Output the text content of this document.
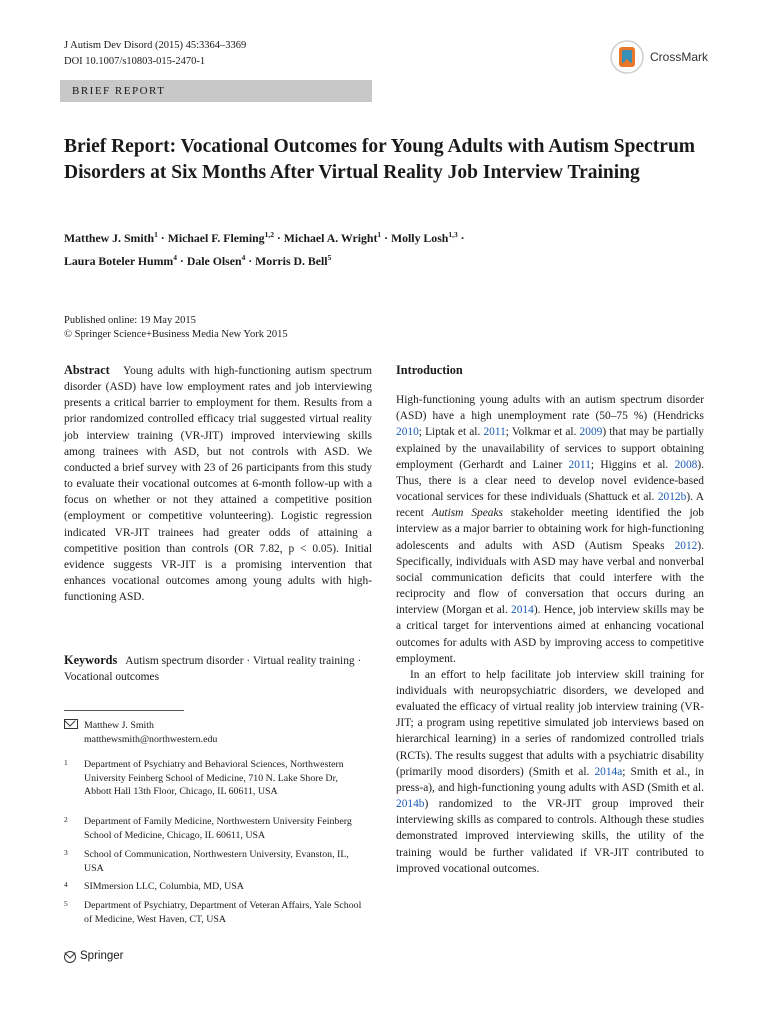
J Autism Dev Disord (2015) 45:3364–3369
DOI 10.1007/s10803-015-2470-1	CrossMark
BRIEF REPORT
Brief Report: Vocational Outcomes for Young Adults with Autism Spectrum Disorders at Six Months After Virtual Reality Job Interview Training
Matthew J. Smith$^1$ · Michael F. Fleming$^{1,2}$ · Michael A. Wright$^1$ · Molly Losh$^{1,3}$ ·
Laura Boteler Humm$^4$ · Dale Olsen$^4$ · Morris D. Bell$^5$
Published online: 19 May 2015
© Springer Science+Business Media New York 2015
Abstract Young adults with high-functioning autism spectrum disorder (ASD) have low employment rates and job interviewing presents a critical barrier to employment for them. Results from a prior randomized controlled efficacy trial suggested virtual reality job interview training (VR-JIT) improved interviewing skills among trainees with ASD, but not controls with ASD. We conducted a brief survey with 23 of 26 participants from this study to evaluate their vocational outcomes at 6-month follow-up with a focus on whether or not they attained a competitive position (employment or competitive volunteering). Logistic regression indicated VR-JIT trainees had greater odds of attaining a competitive position than controls (OR 7.82, p < 0.05). Initial evidence suggests VR-JIT is a promising intervention that enhances vocational outcomes among young adults with high-functioning ASD.
Keywords Autism spectrum disorder · Virtual reality training · Vocational outcomes
Matthew J. Smith
matthewsmith@northwestern.edu
1 Department of Psychiatry and Behavioral Sciences, Northwestern University Feinberg School of Medicine, 710 N. Lake Shore Dr, Abbott Hall 13th Floor, Chicago, IL 60611, USA
2 Department of Family Medicine, Northwestern University Feinberg School of Medicine, Chicago, IL 60611, USA
3 School of Communication, Northwestern University, Evanston, IL, USA
4 SIMmersion LLC, Columbia, MD, USA
5 Department of Psychiatry, Department of Veteran Affairs, Yale School of Medicine, West Haven, CT, USA
Springer
Introduction

High-functioning young adults with an autism spectrum disorder (ASD) have a high unemployment rate (50–75 %) (Hendricks 2010; Liptak et al. 2011; Volkmar et al. 2009) that may be partially explained by the unavailability of services to support obtaining employment (Gerhardt and Lainer 2011; Higgins et al. 2008). Thus, there is a clear need to develop novel evidence-based vocational services for these individuals (Shattuck et al. 2012b). A recent Autism Speaks stakeholder meeting identified the job interview as a major barrier to obtaining work for high-functioning adolescents and adults with ASD (Autism Speaks 2012). Specifically, individuals with ASD may have verbal and nonverbal social communication deficits that could interfere with the reciprocity and flow of conversation that occurs during an interview (Morgan et al. 2014). Hence, job interview skills may be a critical target for interventions aimed at enhancing vocational outcomes for adults with ASD by improving access to competitive employment.

In an effort to help facilitate job interview skill training for individuals with neuropsychiatric disorders, we developed and evaluated the efficacy of virtual reality job interview training (VR-JIT; a program using repetitive simulated job interviews based on hierarchical learning) in a series of randomized controlled trials (RCTs). The results suggest that adults with a psychiatric disability (primarily mood disorders) (Smith et al. 2014a; Smith et al., in press-a), and high-functioning young adults with ASD (Smith et al. 2014b) randomized to the VR-JIT group improved their interviewing skills as compared to controls. Although these studies demonstrated improved interviewing skills, the utility of the training would be further validated if VR-JIT contributed to improved vocational outcomes.
